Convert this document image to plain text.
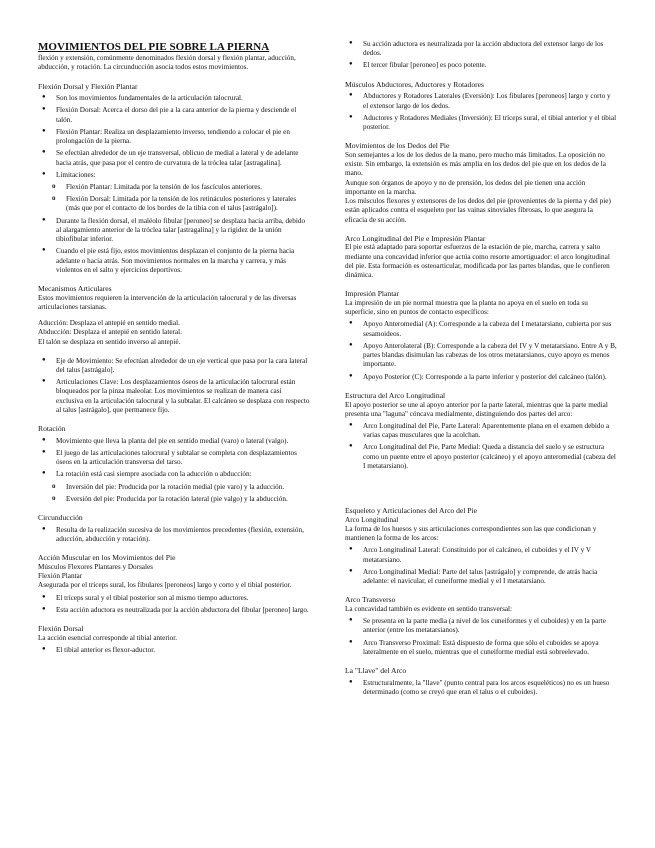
MOVIMIENTOS DEL PIE SOBRE LA PIERNA

flexión y extensión, comúnmente denominados flexión dorsal y flexión plantar, aducción, abducción, y rotación. La circunducción asocia todos estos movimientos.

Flexión Dorsal y Flexión Plantar
● Son los movimientos fundamentales de la articulación talocrural.
● Flexión Dorsal: Acerca el dorso del pie a la cara anterior de la pierna y desciende el talón.
● Flexión Plantar: Realiza un desplazamiento inverso, tendiendo a colocar el pie en prolongación de la pierna.
● Se efectúan alrededor de un eje transversal, oblicuo de medial a lateral y de adelante hacia atrás, que pasa por el centro de curvatura de la tróclea talar [astragalina].
● Limitaciones:
o Flexión Plantar: Limitada por la tensión de los fascículos anteriores.
o Flexión Dorsal: Limitada por la tensión de los retináculos posteriores y laterales (más que por el contacto de los bordes de la tibia con el talus [astrágalo]).
● Durante la flexión dorsal, el maléolo fibular [peroneo] se desplaza hacia arriba, debido al alargamiento anterior de la tróclea talar [astragalina] y la rigidez de la unión tibiofibular inferior.
● Cuando el pie está fijo, estos movimientos desplazan el conjunto de la pierna hacia adelante o hacia atrás. Son movimientos normales en la marcha y carrera, y más violentos en el salto y ejercicios deportivos.
Mecanismos Articulares

Estos movimientos requieren la intervención de la articulación talocrural y de las diversas articulaciones tarsianas.

Aducción: Desplaza el antepié en sentido medial.

Abducción: Desplaza el antepié en sentido lateral.

El talón se desplaza en sentido inverso al antepié.

● Eje de Movimiento: Se efectúan alrededor de un eje vertical que pasa por la cara lateral del talus [astrágalo].
● Articulaciones Clave: Los desplazamientos óseos de la articulación talocrural están bloqueados por la pinza maleolar. Los movimientos se realizan de manera casi exclusiva en la articulación talocrural y la subtalar. El calcáneo se desplaza con respecto al talus [astrágalo], que permanece fijo.
Rotación
● Movimiento que lleva la planta del pie en sentido medial (varo) o lateral (valgo).
● El juego de las articulaciones talocrural y subtalar se completa con desplazamientos óseos en la articulación transversa del tarso.
● La rotación está casi siempre asociada con la aducción o abducción:
o Inversión del pie: Producida por la rotación medial (pie varo) y la aducción.
o Eversión del pie: Producida por la rotación lateral (pie valgo) y la abducción.
Circunducción
● Resulta de la realización sucesiva de los movimientos precedentes (flexión, extensión, aducción, abducción y rotación).
Acción Muscular en los Movimientos del Pie

Músculos Flexores Plantares y Dorsales

Flexión Plantar

Asegurada por el tríceps sural, los fibulares [peroneos] largo y corto y el tibial posterior.

● El tríceps sural y el tibial posterior son al mismo tiempo aductores.
● Esta acción aductora es neutralizada por la acción abductora del fibular [peroneo] largo.
Flexión Dorsal

La acción esencial corresponde al tibial anterior.

● El tibial anterior es flexor-aductor.
● Su acción aductora es neutralizada por la acción abductora del extensor largo de los dedos.
● El tercer fibular [peroneo] es poco potente.
Músculos Abductores, Aductores y Rotadores
● Abductores y Rotadores Laterales (Eversión): Los fibulares [peroneos] largo y corto y el extensor largo de los dedos.
● Aductores y Rotadores Mediales (Inversión): El tríceps sural, el tibial anterior y el tibial posterior.
Movimientos de los Dedos del Pie

Son semejantes a los de los dedos de la mano, pero mucho más limitados. La oposición no existe. Sin embargo, la extensión es más amplia en los dedos del pie que en los dedos de la mano.

Aunque son órganos de apoyo y no de prensión, los dedos del pie tienen una acción importante en la marcha.

Los músculos flexores y extensores de los dedos del pie (provenientes de la pierna y del pie) están aplicados contra el esqueleto por las vainas sinoviales fibrosas, lo que asegura la eficacia de su acción.

Arco Longitudinal del Pie e Impresión Plantar

El pie está adaptado para soportar esfuerzos de la estación de pie, marcha, carrera y salto mediante una concavidad inferior que actúa como resorte amortiguador: el arco longitudinal del pie. Esta formación es osteoarticular, modificada por las partes blandas, que le confieren dinámica.

Impresión Plantar

La impresión de un pie normal muestra que la planta no apoya en el suelo en toda su superficie, sino en puntos de contacto específicos:

● Apoyo Anteromedial (A): Corresponde a la cabeza del I metatarsiano, cubierta por sus sesamoideos.
● Apoyo Anterolateral (B): Corresponde a la cabeza del IV y V metatarsiano. Entre A y B, partes blandas disimulan las cabezas de los otros metatarsianos, cuyo apoyo es menos importante.
● Apoyo Posterior (C): Corresponde a la parte inferior y posterior del calcáneo (talón).
Estructura del Arco Longitudinal

El apoyo posterior se une al apoyo anterior por la parte lateral, mientras que la parte medial presenta una "laguna" cóncava medialmente, distinguiendo dos partes del arco:

● Arco Longitudinal del Pie, Parte Lateral: Aparentemente plana en el examen debido a varias capas musculares que la acolchan.
● Arco Longitudinal del Pie, Parte Medial: Queda a distancia del suelo y se estructura como un puente entre el apoyo posterior (calcáneo) y el apoyo anteromedial (cabeza del I metatarsiano).
Esqueleto y Articulaciones del Arco del Pie

Arco Longitudinal

La forma de los huesos y sus articulaciones correspondientes son las que condicionan y mantienen la forma de los arcos:

● Arco Longitudinal Lateral: Constituido por el calcáneo, el cuboides y el IV y V metatarsiano.
● Arco Longitudinal Medial: Parte del talus [astrágalo] y comprende, de atrás hacia adelante: el navicular, el cuneiforme medial y el I metatarsiano.
Arco Transverso

La concavidad también es evidente en sentido transversal:

● Se presenta en la parte media (a nivel de los cuneiformes y el cuboides) y en la parte anterior (entre los metatarsianos).
● Arco Transverso Proximal: Está dispuesto de forma que sólo el cuboides se apoya lateralmente en el suelo, mientras que el cuneiforme medial está sobreelevado.
La "Llave" del Arco
● Estructuralmente, la "llave" (punto central para los arcos esqueléticos) no es un hueso determinado (como se creyó que eran el talus o el cuboides).
